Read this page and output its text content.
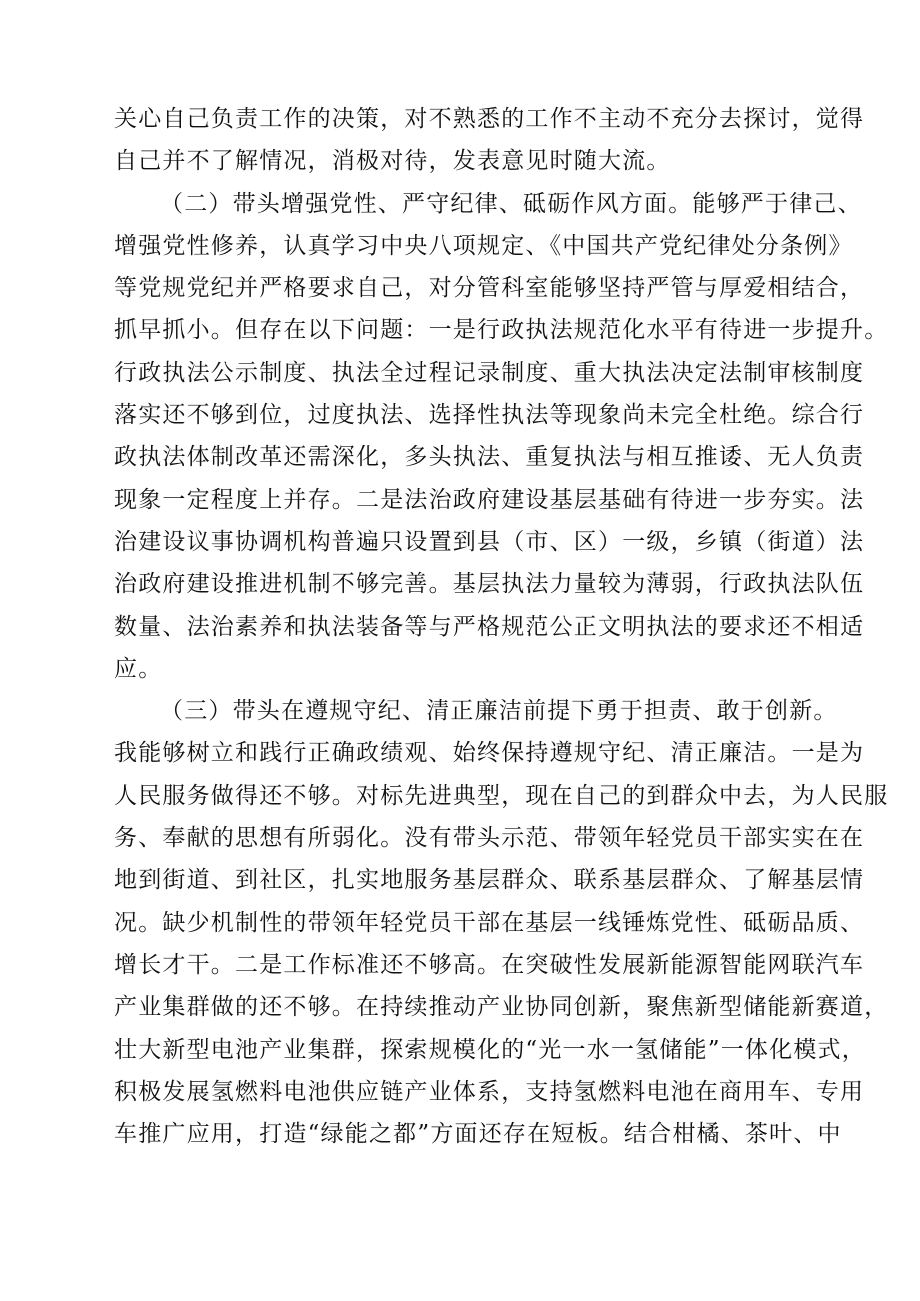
关心自己负责工作的决策，对不熟悉的工作不主动不充分去探讨，觉得
自己并不了解情况，消极对待，发表意见时随大流。
（二）带头增强党性、严守纪律、砥砺作风方面。能够严于律己、
增强党性修养，认真学习中央八项规定、《中国共产党纪律处分条例》
等党规党纪并严格要求自己，对分管科室能够坚持严管与厚爱相结合，
抓早抓小。但存在以下问题：一是行政执法规范化水平有待进一步提升。
行政执法公示制度、执法全过程记录制度、重大执法决定法制审核制度
落实还不够到位，过度执法、选择性执法等现象尚未完全杜绝。综合行
政执法体制改革还需深化，多头执法、重复执法与相互推诿、无人负责
现象一定程度上并存。二是法治政府建设基层基础有待进一步夯实。法
治建设议事协调机构普遍只设置到县（市、区）一级，乡镇（街道）法
治政府建设推进机制不够完善。基层执法力量较为薄弱，行政执法队伍
数量、法治素养和执法装备等与严格规范公正文明执法的要求还不相适
应。
（三）带头在遵规守纪、清正廉洁前提下勇于担责、敢于创新。
我能够树立和践行正确政绩观、始终保持遵规守纪、清正廉洁。一是为
人民服务做得还不够。对标先进典型，现在自己的到群众中去，为人民服
务、奉献的思想有所弱化。没有带头示范、带领年轻党员干部实实在在
地到街道、到社区，扎实地服务基层群众、联系基层群众、了解基层情
况。缺少机制性的带领年轻党员干部在基层一线锤炼党性、砥砺品质、
增长才干。二是工作标准还不够高。在突破性发展新能源智能网联汽车
产业集群做的还不够。在持续推动产业协同创新，聚焦新型储能新赛道，
壮大新型电池产业集群，探索规模化的“光一水一氢储能”一体化模式，
积极发展氢燃料电池供应链产业体系，支持氢燃料电池在商用车、专用
车推广应用，打造“绿能之都”方面还存在短板。结合柑橘、茶叶、中
